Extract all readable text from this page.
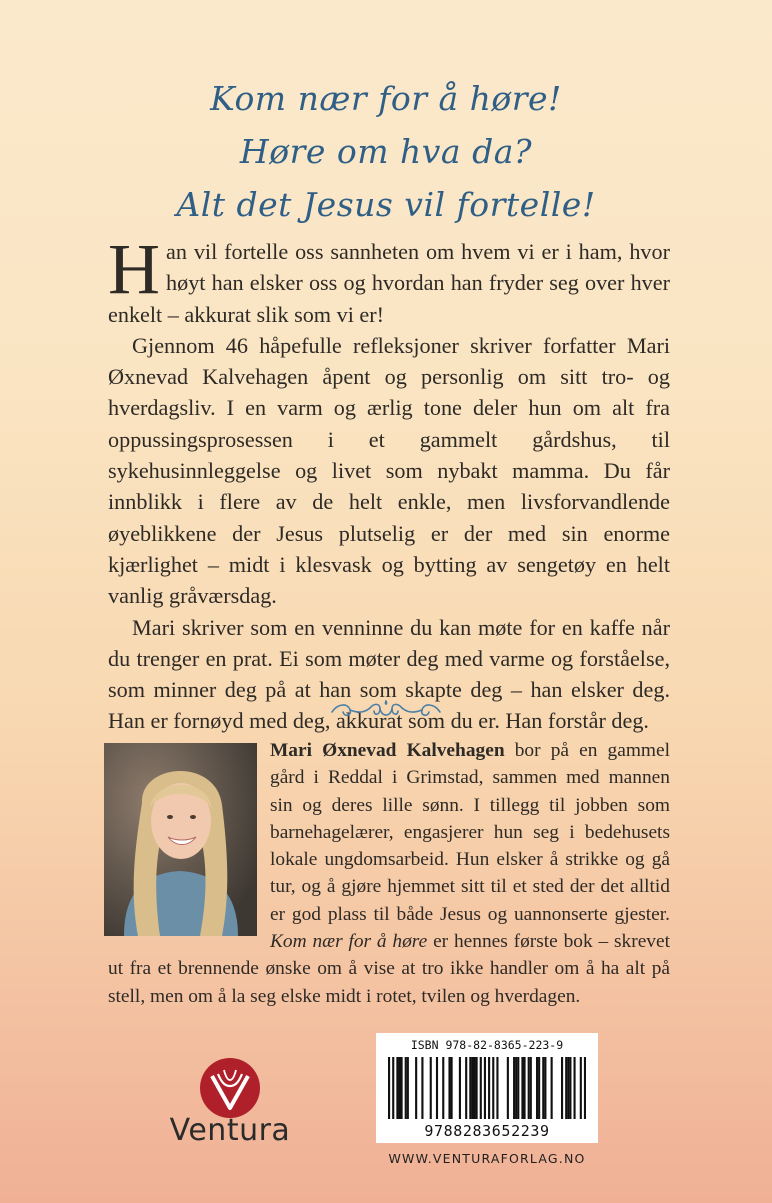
Kom nær for å høre!
Høre om hva da?
Alt det Jesus vil fortelle!

Han vil fortelle oss sannheten om hvem vi er i ham, hvor høyt han elsker oss og hvordan han fryder seg over hver enkelt – akkurat slik som vi er!

Gjennom 46 håpefulle refleksjoner skriver forfatter Mari Øxnevad Kalvehagen åpent og personlig om sitt tro- og hverdagsliv. I en varm og ærlig tone deler hun om alt fra oppussingsprosessen i et gammelt gårdshus, til sykehusinnleggelse og livet som nybakt mamma. Du får innblikk i flere av de helt enkle, men livsforvandlende øyeblikkene der Jesus plutselig er der med sin enorme kjærlighet – midt i klesvask og bytting av sengetøy en helt vanlig gråværsdag.

Mari skriver som en venninne du kan møte for en kaffe når du trenger en prat. Ei som møter deg med varme og forståelse, som minner deg på at han som skapte deg – han elsker deg. Han er fornøyd med deg, akkurat som du er. Han forstår deg.

Mari Øxnevad Kalvehagen bor på en gammel
gård i Reddal i Grimstad, sammen med mannen
sin og deres lille sønn. I tillegg til jobben som
barnehagelærer, engasjerer hun seg i bedehusets
lokale ungdomsarbeid. Hun elsker å strikke og gå
tur, og å gjøre hjemmet sitt til et sted der det alltid
er god plass til både Jesus og uannonserte gjester.
Kom nær for å høre er hennes første bok – skrevet
ut fra et brennende ønske om å vise at tro ikke handler om å ha alt på
stell, men om å la seg elske midt i rotet, tvilen og hverdagen.
Ventura
ISBN 978-82-8365-223-9
9788283652239
WWW.VENTURAFORLAG.NO
